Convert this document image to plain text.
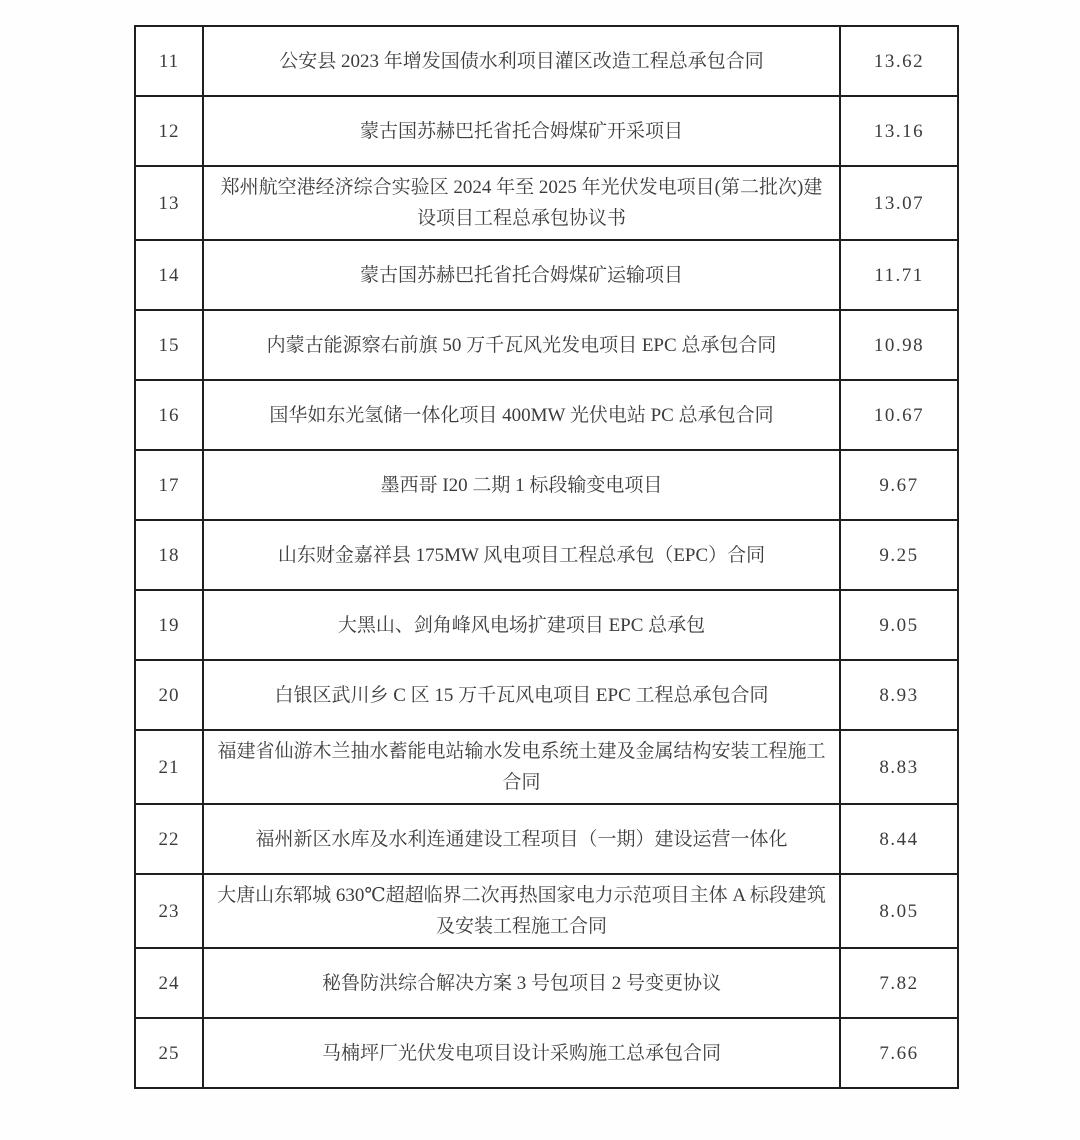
11	公安县 2023 年增发国债水利项目灌区改造工程总承包合同	13.62
12	蒙古国苏赫巴托省托合姆煤矿开采项目	13.16
13	郑州航空港经济综合实验区 2024 年至 2025 年光伏发电项目(第二批次)建设项目工程总承包协议书	13.07
14	蒙古国苏赫巴托省托合姆煤矿运输项目	11.71
15	内蒙古能源察右前旗 50 万千瓦风光发电项目 EPC 总承包合同	10.98
16	国华如东光氢储一体化项目 400MW 光伏电站 PC 总承包合同	10.67
17	墨西哥 I20 二期 1 标段输变电项目	9.67
18	山东财金嘉祥县 175MW 风电项目工程总承包（EPC）合同	9.25
19	大黑山、剑角峰风电场扩建项目 EPC 总承包	9.05
20	白银区武川乡 C 区 15 万千瓦风电项目 EPC 工程总承包合同	8.93
21	福建省仙游木兰抽水蓄能电站输水发电系统土建及金属结构安装工程施工合同	8.83
22	福州新区水库及水利连通建设工程项目（一期）建设运营一体化	8.44
23	大唐山东郓城 630℃超超临界二次再热国家电力示范项目主体 A 标段建筑及安装工程施工合同	8.05
24	秘鲁防洪综合解决方案 3 号包项目 2 号变更协议	7.82
25	马楠坪厂光伏发电项目设计采购施工总承包合同	7.66
